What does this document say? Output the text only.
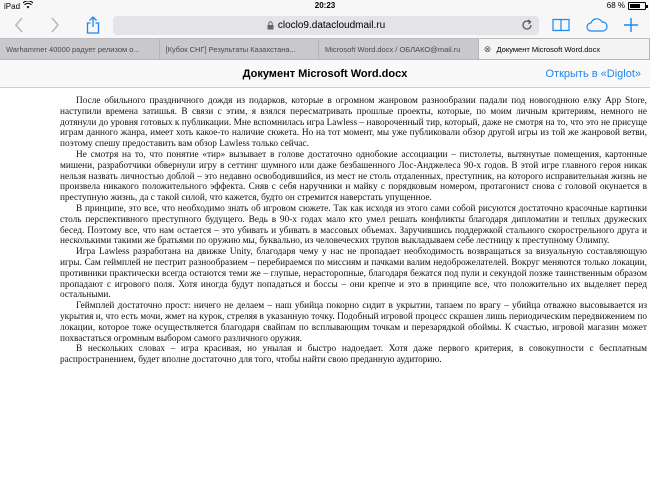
iPad	20:23	68 %
cloclo9.datacloudmail.ru
Warhammer 40000 радует релизом о...	[Кубок СНГ] Результаты Казахстана...	Microsoft Word.docx / ОБЛАКО@mail.ru	⊗ Документ Microsoft Word.docx
Документ Microsoft Word.docx	Открыть в «Diglot»

После обильного праздничного дождя из подарков, которые в огромном жанровом разнообразии падали под новогоднюю елку App Store, наступили времена затишья. В связи с этим, я взялся пересматривать прошлые проекты, которые, по моим личным критериям, немного не дотянули до уровня готовых к публикации. Мне вспомнилась игра Lawless – навороченный тир, который, даже не смотря на то, что это не присуще играм данного жанра, имеет хоть какое-то наличие сюжета. Но на тот момент, мы уже публиковали обзор другой игры из той же жанровой ветви, поэтому спешу предоставить вам обзор Lawless только сейчас.

Не смотря на то, что понятие «тир» вызывает в голове достаточно однобокие ассоциации – пистолеты, вытянутые помещения, картонные мишени, разработчики обвернули игру в сеттинг шумного или даже безбашенного Лос-Анджелеса 90-х годов. В этой игре главного героя никак нельзя назвать личностью доблой – это недавно освободившийся, из мест не столь отдаленных, преступник, на которого исправительная жизнь не произвела никакого положительного эффекта. Сняв с себя наручники и майку с порядковым номером, протагонист снова с головой окунается в преступную жизнь, да с такой силой, что кажется, будто он стремится наверстать упущенное.

В принципе, это все, что необходимо знать об игровом сюжете. Так как исходя из этого сами собой рисуются достаточно красочные картинки столь перспективного преступного будущего. Ведь в 90-х годах мало кто умел решать конфликты благодаря дипломатии и теплых дружеских бесед. Поэтому все, что нам остается – это убивать и убивать в массовых объемах. Заручившись поддержкой стального скорострельного друга и несколькими такими же братьями по оружию мы, буквально, из человеческих трупов выкладываем себе лестницу к преступному Олимпу.

Игра Lawless разработана на движке Unity, благодаря чему у нас не пропадает необходимость возвращаться за визуальную составляющую игры. Сам геймплей не пестрит разнообразием – перебираемся по миссиям и пачками валим недоброжелателей. Вокруг меняются только локации, противники практически всегда остаются теми же – глупые, нерасторопные, благодаря бежатся под пули и секундой позже таинственным образом пропадают с игрового поля. Хотя иногда будут попадаться и боссы – они крепче и это в принципе все, что положительно их выделяет перед остальными.

Геймплей достаточно прост: ничего не делаем – наш убийца покорно сидит в укрытии, тапаем по врагу – убийца отважно высовывается из укрытия и, что есть мочи, жмет на курок, стреляя в указанную точку. Подобный игровой процесс скрашен лишь периодическим передвижением по локации, которое тоже осуществляется благодаря свайпам по всплывающим точкам и перезарядкой обоймы. К счастью, игровой магазин может похвастаться огромным выбором самого различного оружия.

В нескольких словах – игра красивая, но унылая и быстро надоедает. Хотя даже первого критерия, в совокупности с бесплатным распространением, будет вполне достаточно для того, чтобы найти свою преданную аудиторию.
